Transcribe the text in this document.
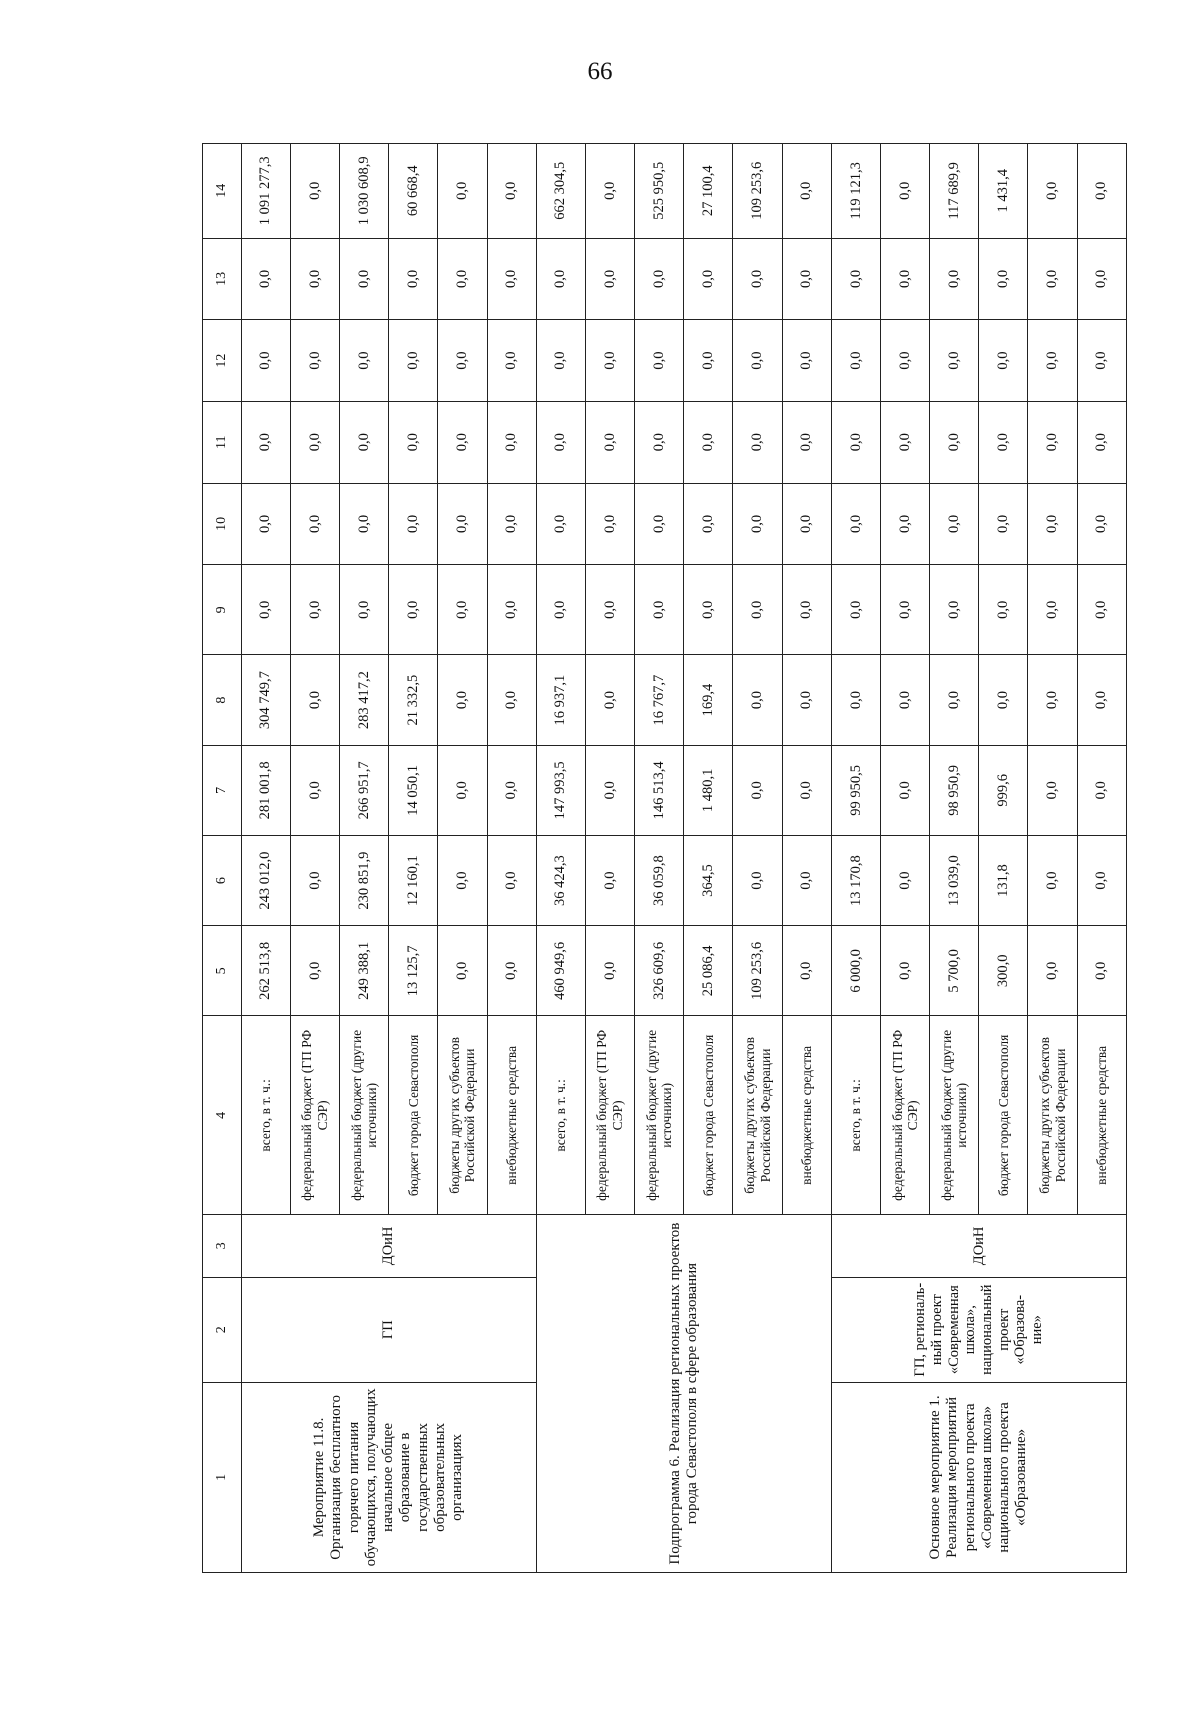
66
1	2	3	4	5	6	7	8	9	10	11	12	13	14
Мероприятие 11.8. Организация бесплатного горячего питания обучающихся, получающих начальное общее образование в государственных образовательных организациях	ГП	ДОиН	всего, в т. ч.:	262 513,8	243 012,0	281 001,8	304 749,7	0,0	0,0	0,0	0,0	0,0	1 091 277,3
			федеральный бюджет (ГП РФ СЭР)	0,0	0,0	0,0	0,0	0,0	0,0	0,0	0,0	0,0	0,0
			федеральный бюджет (другие источники)	249 388,1	230 851,9	266 951,7	283 417,2	0,0	0,0	0,0	0,0	0,0	1 030 608,9
			бюджет города Севастополя	13 125,7	12 160,1	14 050,1	21 332,5	0,0	0,0	0,0	0,0	0,0	60 668,4
			бюджеты других субъектов Российской Федерации	0,0	0,0	0,0	0,0	0,0	0,0	0,0	0,0	0,0	0,0
			внебюджетные средства	0,0	0,0	0,0	0,0	0,0	0,0	0,0	0,0	0,0	0,0
Подпрограмма 6. Реализация региональных проектов города Севастополя в сфере образования			всего, в т. ч.:	460 949,6	36 424,3	147 993,5	16 937,1	0,0	0,0	0,0	0,0	0,0	662 304,5
			федеральный бюджет (ГП РФ СЭР)	0,0	0,0	0,0	0,0	0,0	0,0	0,0	0,0	0,0	0,0
			федеральный бюджет (другие источники)	326 609,6	36 059,8	146 513,4	16 767,7	0,0	0,0	0,0	0,0	0,0	525 950,5
			бюджет города Севастополя	25 086,4	364,5	1 480,1	169,4	0,0	0,0	0,0	0,0	0,0	27 100,4
			бюджеты других субъектов Российской Федерации	109 253,6	0,0	0,0	0,0	0,0	0,0	0,0	0,0	0,0	109 253,6
			внебюджетные средства	0,0	0,0	0,0	0,0	0,0	0,0	0,0	0,0	0,0	0,0
Основное мероприятие 1. Реализация мероприятий регионального проекта «Современная школа» национального проекта «Образование»	ГП, региональ-ный проект «Современная школа», национальный проект «Образова-ние»	ДОиН	всего, в т. ч.:	6 000,0	13 170,8	99 950,5	0,0	0,0	0,0	0,0	0,0	0,0	119 121,3
			федеральный бюджет (ГП РФ СЭР)	0,0	0,0	0,0	0,0	0,0	0,0	0,0	0,0	0,0	0,0
			федеральный бюджет (другие источники)	5 700,0	13 039,0	98 950,9	0,0	0,0	0,0	0,0	0,0	0,0	117 689,9
			бюджет города Севастополя	300,0	131,8	999,6	0,0	0,0	0,0	0,0	0,0	0,0	1 431,4
			бюджеты других субъектов Российской Федерации	0,0	0,0	0,0	0,0	0,0	0,0	0,0	0,0	0,0	0,0
			внебюджетные средства	0,0	0,0	0,0	0,0	0,0	0,0	0,0	0,0	0,0	0,0
